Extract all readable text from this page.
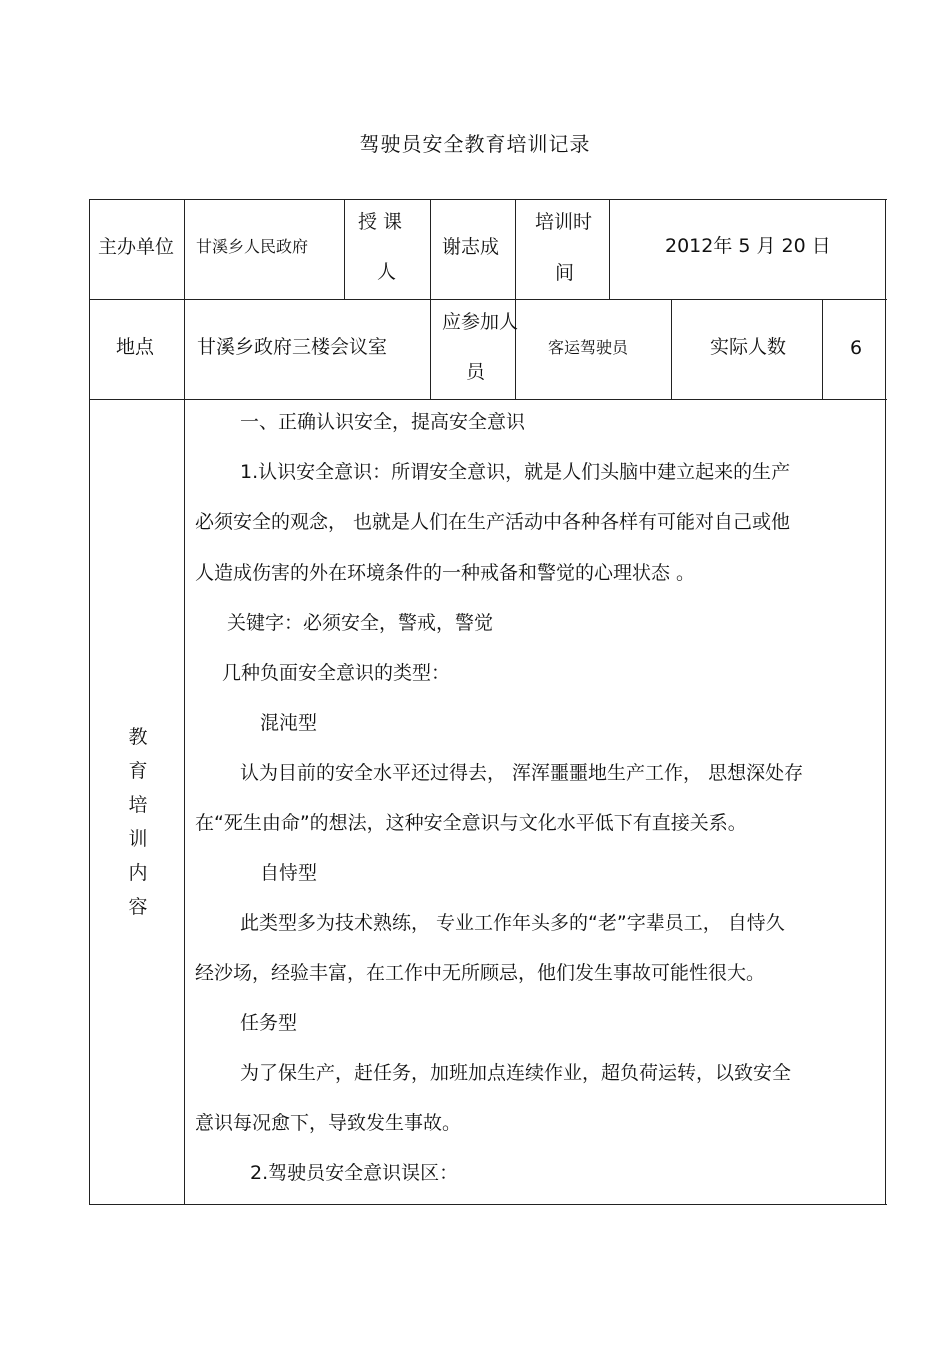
驾驶员安全教育培训记录
主办单位 甘溪乡人民政府
授 课
人
谢志成
培训时
间
2012年 5 月 20 日
地点 甘溪乡政府三楼会议室
应参加人
员
客运驾驶员	实际人数	6
教
育
培
训
内
容
一、正确认识安全，提高安全意识
1.认识安全意识：所谓安全意识，就是人们头脑中建立起来的生产
必须安全的观念， 也就是人们在生产活动中各种各样有可能对自己或他
人造成伤害的外在环境条件的一种戒备和警觉的心理状态 。
关键字：必须安全，警戒，警觉
几种负面安全意识的类型：
混沌型
认为目前的安全水平还过得去， 浑浑噩噩地生产工作， 思想深处存
在“死生由命”的想法，这种安全意识与文化水平低下有直接关系。
自恃型
此类型多为技术熟练， 专业工作年头多的“老”字辈员工， 自恃久
经沙场，经验丰富，在工作中无所顾忌，他们发生事故可能性很大。
任务型
为了保生产，赶任务，加班加点连续作业，超负荷运转，以致安全
意识每况愈下，导致发生事故。
2.驾驶员安全意识误区：
